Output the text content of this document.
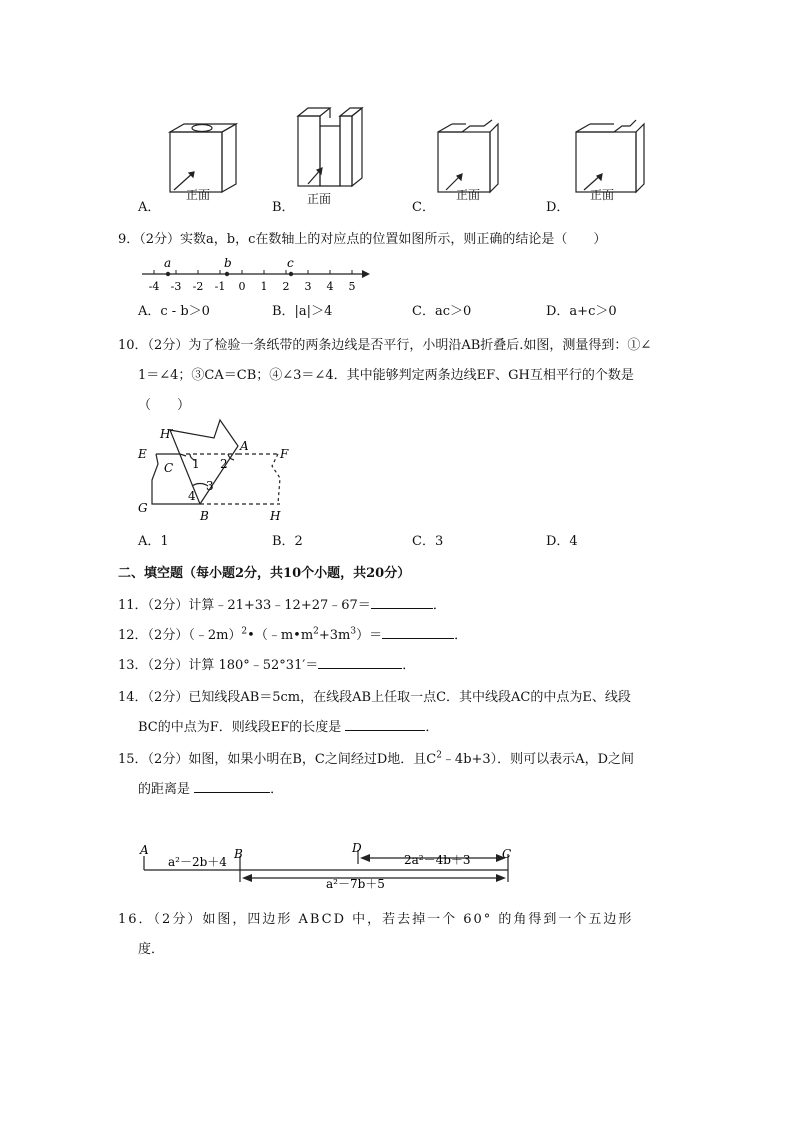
正面
A．
正面
B．
正面
C．
正面
D．
9．（2分）实数a，b，c在数轴上的对应点的位置如图所示，则正确的结论是（　　）
a	b	c
-4 -3 -2 -1 0 1 2 3 4 5
A．c - b＞0	B．|a|＞4	C．ac＞0	D．a+c＞0
10．（2分）为了检验一条纸带的两条边线是否平行，小明沿AB折叠后.如图，测量得到：①∠
1＝∠4；③CA＝CB；④∠3＝∠4．其中能够判定两条边线EF、GH互相平行的个数是
（　　）
H′
A
E
C 1 2
F
3
4
G
B	H
A．1	B．2	C．3	D．4
二、填空题（每小题2分，共10个小题，共20分）
11．（2分）计算﹣21+33﹣12+27﹣67＝	．
12．（2分）$(﹣2m)^2•(﹣m•m^2+3m^3)=$	．
13．（2分）计算 180°﹣52°31′＝	．
14．（2分）已知线段AB＝5cm，在线段AB上任取一点C．其中线段AC的中点为E、线段
BC的中点为F．则线段EF的长度是	．
15．（2分）如图，如果小明在B，C之间经过D地．且$C^2﹣4b+3$）．则可以表示A，D之间
的距离是	．
A	B	D	C
a²－2b＋4	2a²－4b＋3
a²－7b＋5
16．（2分）如图，四边形 ABCD 中，若去掉一个 60° 的角得到一个五边形
度．
